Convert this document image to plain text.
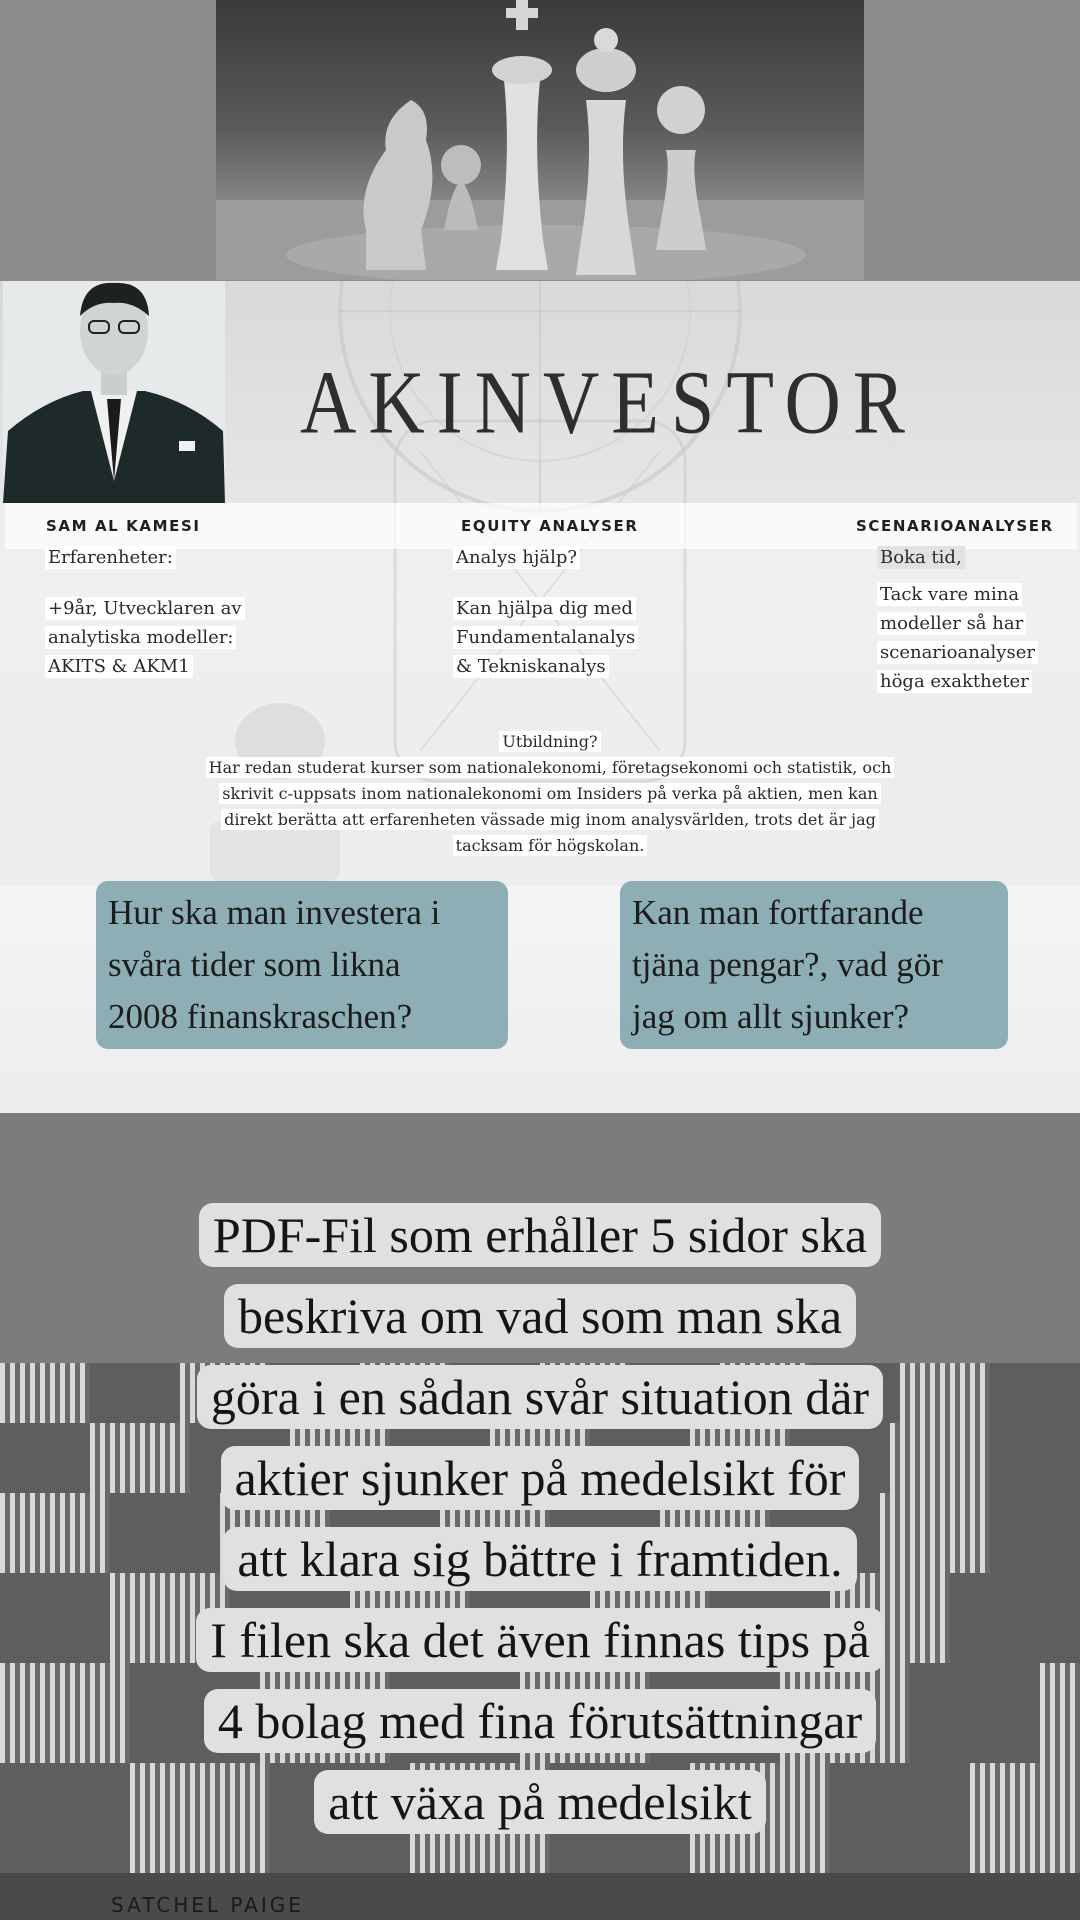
AKINVESTOR
SAM AL KAMESI	EQUITY ANALYSER	SCENARIOANALYSER
Erfarenheter:
+9år, Utvecklaren av
analytiska modeller:
AKITS & AKM1
Analys hjälp?
Kan hjälpa dig med
Fundamentalanalys
& Tekniskanalys
Boka tid,
Tack vare mina
modeller så har
scenarioanalyser
höga exaktheter
Utbildning?
Har redan studerat kurser som nationalekonomi, företagsekonomi och statistik, och
skrivit c-uppsats inom nationalekonomi om Insiders på verka på aktien, men kan
direkt berätta att erfarenheten vässade mig inom analysvärlden, trots det är jag
tacksam för högskolan.
Hur ska man investera i
svåra tider som likna
2008 finanskraschen?
Kan man fortfarande
tjäna pengar?, vad gör
jag om allt sjunker?
PDF-Fil som erhåller 5 sidor ska
beskriva om vad som man ska
göra i en sådan svår situation där
aktier sjunker på medelsikt för
att klara sig bättre i framtiden.
I filen ska det även finnas tips på
4 bolag med fina förutsättningar
att växa på medelsikt
SATCHEL PAIGE
